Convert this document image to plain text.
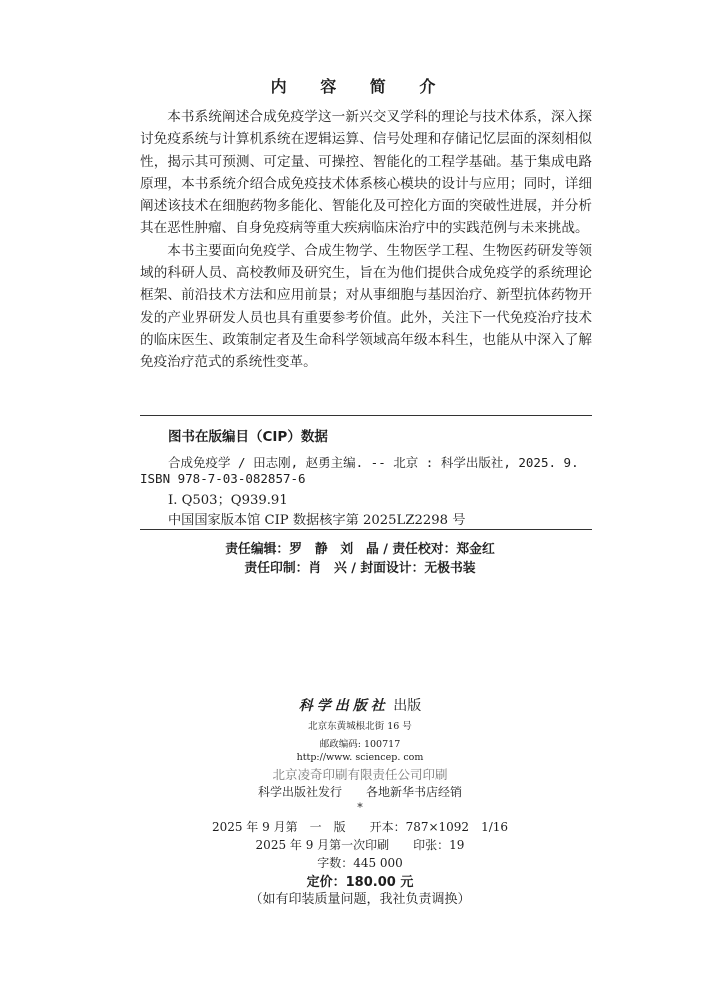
内 容 简 介

本书系统阐述合成免疫学这一新兴交叉学科的理论与技术体系，深入探讨免疫系统与计算机系统在逻辑运算、信号处理和存储记忆层面的深刻相似性，揭示其可预测、可定量、可操控、智能化的工程学基础。基于集成电路原理，本书系统介绍合成免疫技术体系核心模块的设计与应用；同时，详细阐述该技术在细胞药物多能化、智能化及可控化方面的突破性进展，并分析其在恶性肿瘤、自身免疫病等重大疾病临床治疗中的实践范例与未来挑战。

本书主要面向免疫学、合成生物学、生物医学工程、生物医药研发等领域的科研人员、高校教师及研究生，旨在为他们提供合成免疫学的系统理论框架、前沿技术方法和应用前景；对从事细胞与基因治疗、新型抗体药物开发的产业界研发人员也具有重要参考价值。此外，关注下一代免疫治疗技术的临床医生、政策制定者及生命科学领域高年级本科生，也能从中深入了解免疫治疗范式的系统性变革。

图书在版编目（CIP）数据
合成免疫学 / 田志刚, 赵勇主编. -- 北京 : 科学出版社, 2025. 9.
ISBN 978-7-03-082857-6
Ⅰ. Q503；Q939.91
中国国家版本馆 CIP 数据核字第 2025LZ2298 号
责任编辑：罗　静　刘　晶 / 责任校对：郑金红
责任印制：肖　兴 / 封面设计：无极书装
科学出版社 出版
北京东黄城根北街 16 号
邮政编码: 100717
http://www. sciencep. com
北京凌奇印刷有限责任公司印刷
科学出版社发行　　各地新华书店经销
*
2025 年 9 月第　一　版　　开本：787×1092　1/16
2025 年 9 月第一次印刷　　印张：19
字数：445 000
定价：180.00 元
（如有印装质量问题，我社负责调换）
